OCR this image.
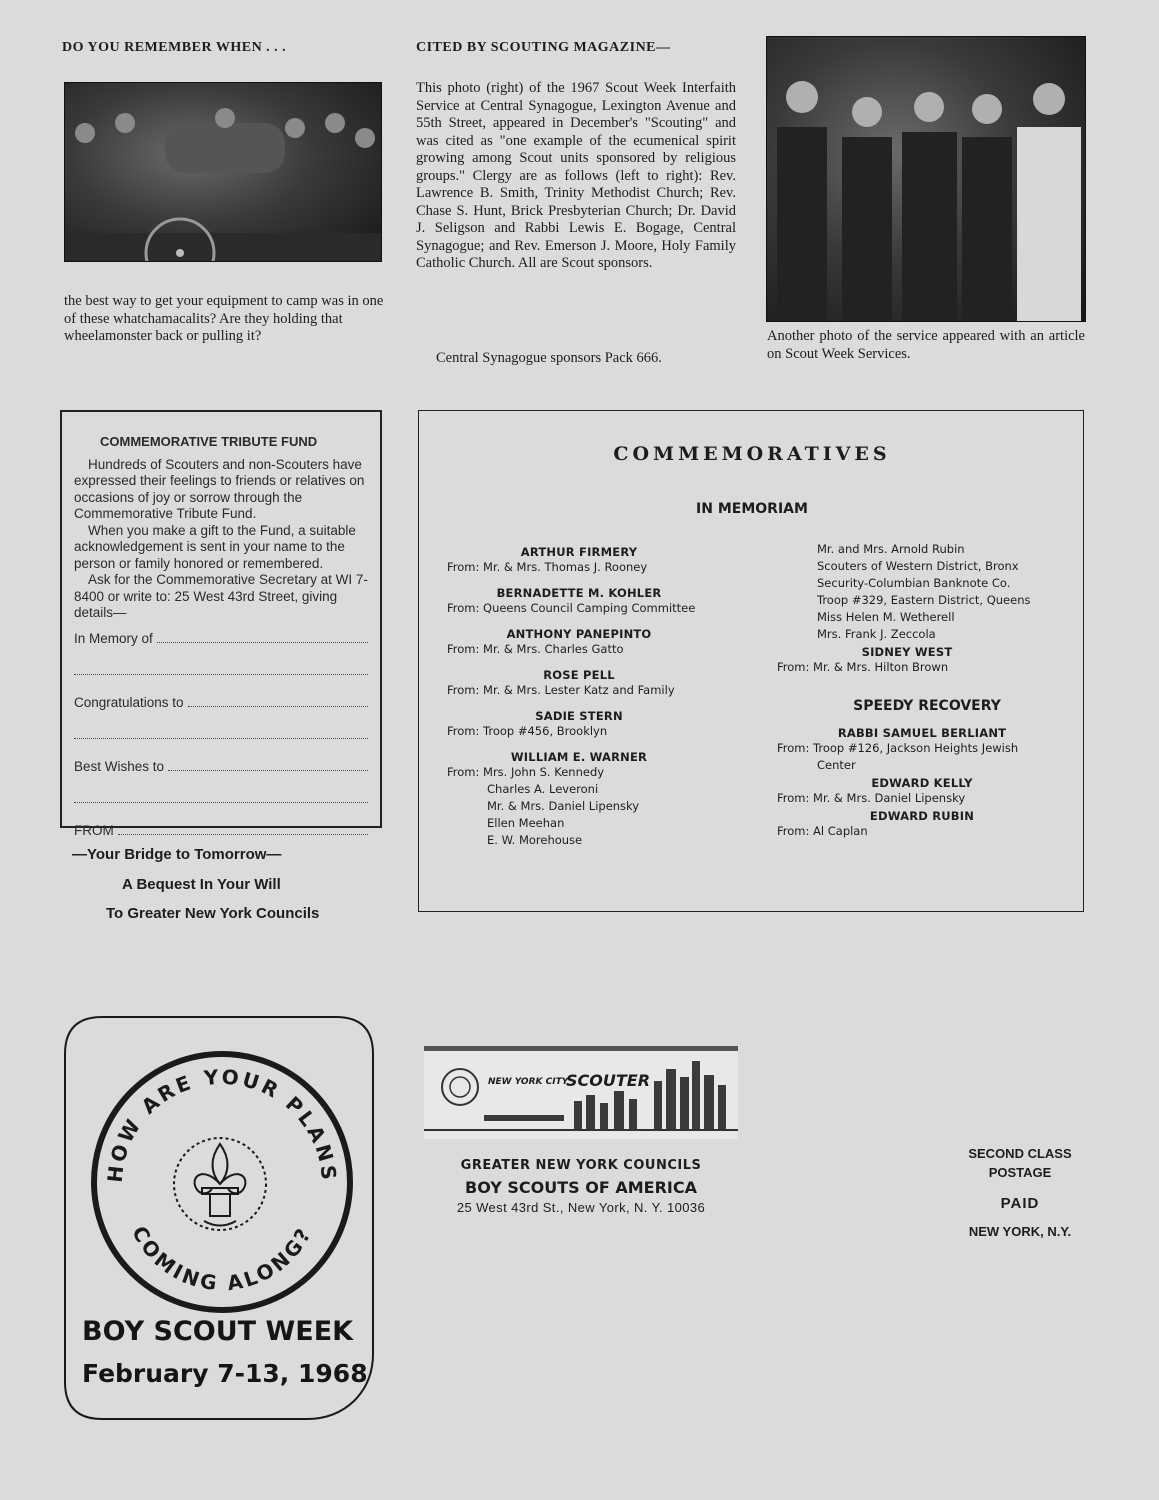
DO YOU REMEMBER WHEN . . .
the best way to get your equipment to camp was in one of these whatchamacalits? Are they holding that wheelamonster back or pulling it?
CITED BY SCOUTING MAGAZINE—
This photo (right) of the 1967 Scout Week Interfaith Service at Central Synagogue, Lexington Avenue and 55th Street, appeared in December's "Scouting" and was cited as "one example of the ecumenical spirit growing among Scout units sponsored by religious groups." Clergy are as follows (left to right): Rev. Lawrence B. Smith, Trinity Methodist Church; Rev. Chase S. Hunt, Brick Presbyterian Church; Dr. David J. Seligson and Rabbi Lewis E. Bogage, Central Synagogue; and Rev. Emerson J. Moore, Holy Family Catholic Church. All are Scout sponsors.
Central Synagogue sponsors Pack 666.
Another photo of the service appeared with an article on Scout Week Services.
COMMEMORATIVE TRIBUTE FUND

Hundreds of Scouters and non-Scouters have expressed their feelings to friends or relatives on occasions of joy or sorrow through the Commemorative Tribute Fund.

When you make a gift to the Fund, a suitable acknowledgement is sent in your name to the person or family honored or remembered.

Ask for the Commemorative Secretary at WI 7-8400 or write to: 25 West 43rd Street, giving details—

In Memory of
Congratulations to
Best Wishes to
FROM
—Your Bridge to Tomorrow—
A Bequest In Your Will
To Greater New York Councils
COMMEMORATIVES
IN MEMORIAM
ARTHUR FIRMERY
From: Mr. & Mrs. Thomas J. Rooney
BERNADETTE M. KOHLER
From: Queens Council Camping Committee
ANTHONY PANEPINTO
From: Mr. & Mrs. Charles Gatto
ROSE PELL
From: Mr. & Mrs. Lester Katz and Family
SADIE STERN
From: Troop #456, Brooklyn
WILLIAM E. WARNER
From: Mrs. John S. Kennedy
Charles A. Leveroni
Mr. & Mrs. Daniel Lipensky
Ellen Meehan
E. W. Morehouse
Mr. and Mrs. Arnold Rubin
Scouters of Western District, Bronx
Security-Columbian Banknote Co.
Troop #329, Eastern District, Queens
Miss Helen M. Wetherell
Mrs. Frank J. Zeccola
SIDNEY WEST
From: Mr. & Mrs. Hilton Brown
SPEEDY RECOVERY
RABBI SAMUEL BERLIANT
From: Troop #126, Jackson Heights Jewish
Center
EDWARD KELLY
From: Mr. & Mrs. Daniel Lipensky
EDWARD RUBIN
From: Al Caplan
HOW ARE YOUR PLANS
COMING ALONG?
BOY SCOUT WEEK
February 7-13, 1968
NEW YORK CITY
SCOUTER
GREATER NEW YORK COUNCILS
BOY SCOUTS OF AMERICA
25 West 43rd St., New York, N. Y. 10036
SECOND CLASS
POSTAGE
PAID
NEW YORK, N.Y.
